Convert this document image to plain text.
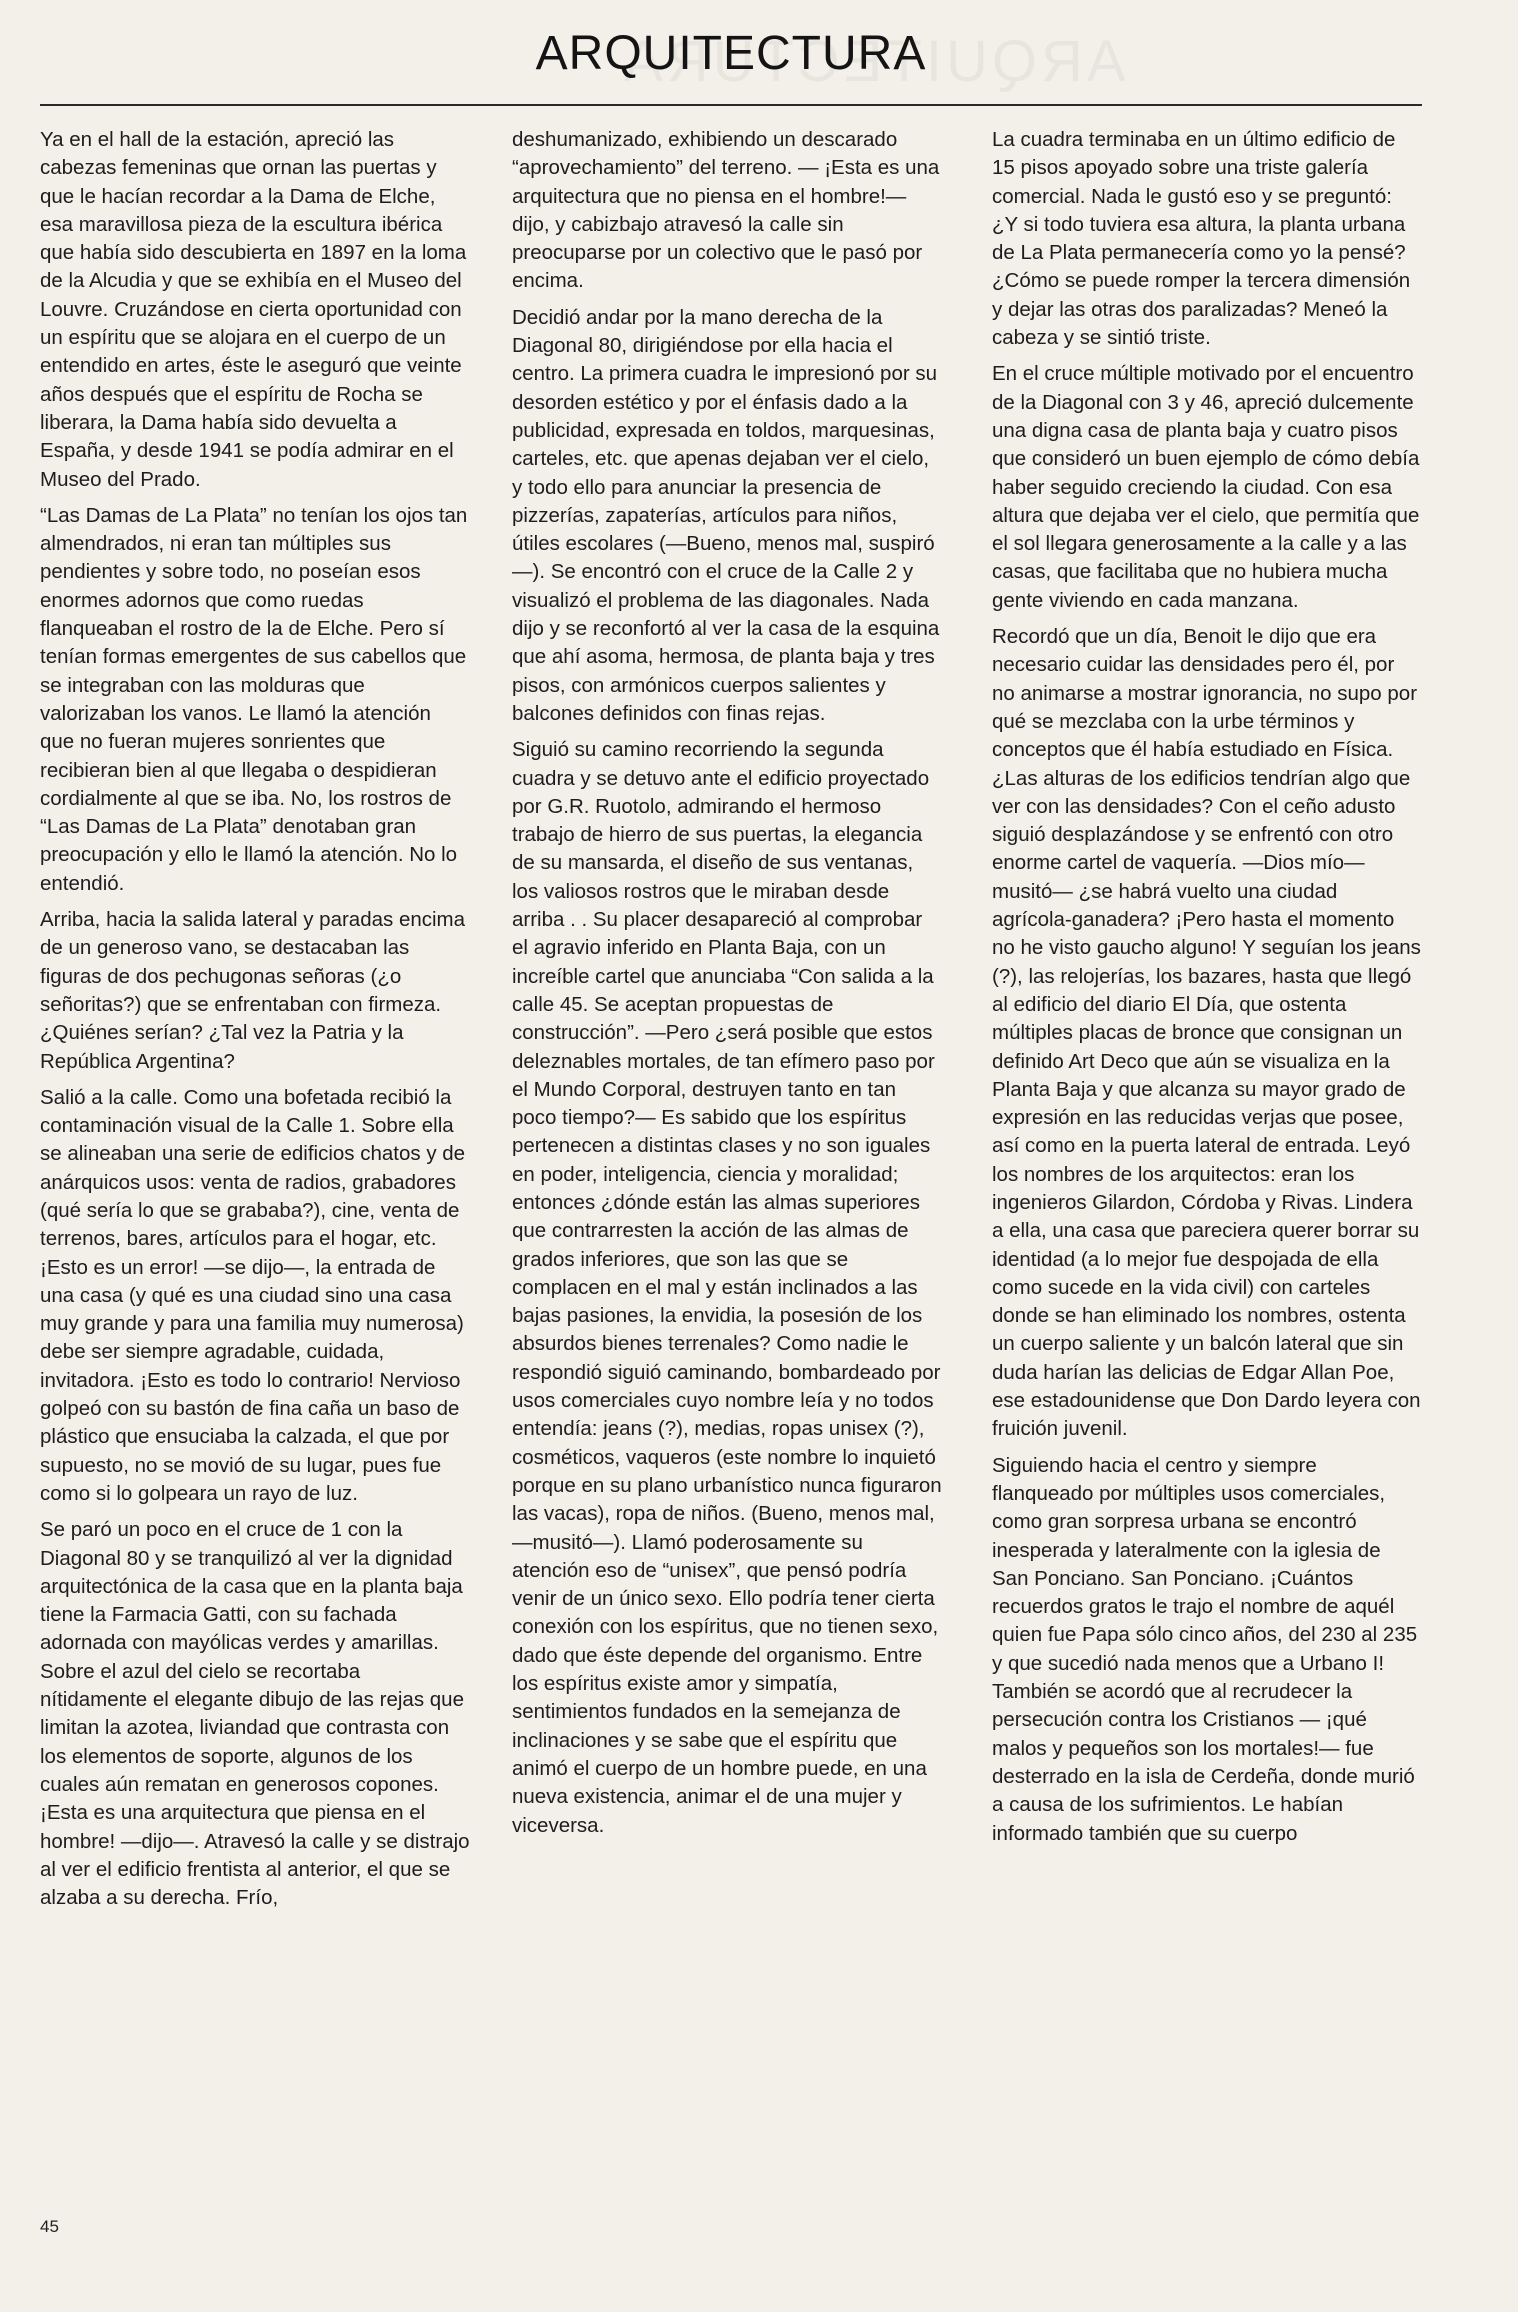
ARQUITECTURA

Ya en el hall de la estación, apreció las cabezas femeninas que ornan las puertas y que le hacían recordar a la Dama de Elche, esa maravillosa pieza de la escultura ibérica que había sido descubierta en 1897 en la loma de la Alcudia y que se exhibía en el Museo del Louvre. Cruzándose en cierta oportunidad con un espíritu que se alojara en el cuerpo de un entendido en artes, éste le aseguró que veinte años después que el espíritu de Rocha se liberara, la Dama había sido devuelta a España, y desde 1941 se podía admirar en el Museo del Prado.

“Las Damas de La Plata” no tenían los ojos tan almendrados, ni eran tan múltiples sus pendientes y sobre todo, no poseían esos enormes adornos que como ruedas flanqueaban el rostro de la de Elche. Pero sí tenían formas emergentes de sus cabellos que se integraban con las molduras que valorizaban los vanos. Le llamó la atención que no fueran mujeres sonrientes que recibieran bien al que llegaba o despidieran cordialmente al que se iba. No, los rostros de “Las Damas de La Plata” denotaban gran preocupación y ello le llamó la atención. No lo entendió.

Arriba, hacia la salida lateral y paradas encima de un generoso vano, se destacaban las figuras de dos pechugonas señoras (¿o señoritas?) que se enfrentaban con firmeza. ¿Quiénes serían? ¿Tal vez la Patria y la República Argentina?

Salió a la calle. Como una bofetada recibió la contaminación visual de la Calle 1. Sobre ella se alineaban una serie de edificios chatos y de anárquicos usos: venta de radios, grabadores (qué sería lo que se grababa?), cine, venta de terrenos, bares, artículos para el hogar, etc. ¡Esto es un error! —se dijo—, la entrada de una casa (y qué es una ciudad sino una casa muy grande y para una familia muy numerosa) debe ser siempre agradable, cuidada, invitadora. ¡Esto es todo lo contrario! Nervioso golpeó con su bastón de fina caña un baso de plástico que ensuciaba la calzada, el que por supuesto, no se movió de su lugar, pues fue como si lo golpeara un rayo de luz.

Se paró un poco en el cruce de 1 con la Diagonal 80 y se tranquilizó al ver la dignidad arquitectónica de la casa que en la planta baja tiene la Farmacia Gatti, con su fachada adornada con mayólicas verdes y amarillas. Sobre el azul del cielo se recortaba nítidamente el elegante dibujo de las rejas que limitan la azotea, liviandad que contrasta con los elementos de soporte, algunos de los cuales aún rematan en generosos copones. ¡Esta es una arquitectura que piensa en el hombre! —dijo—. Atravesó la calle y se distrajo al ver el edificio frentista al anterior, el que se alzaba a su derecha. Frío,

deshumanizado, exhibiendo un descarado “aprovechamiento” del terreno. — ¡Esta es una arquitectura que no piensa en el hombre!— dijo, y cabizbajo atravesó la calle sin preocuparse por un colectivo que le pasó por encima.

Decidió andar por la mano derecha de la Diagonal 80, dirigiéndose por ella hacia el centro. La primera cuadra le impresionó por su desorden estético y por el énfasis dado a la publicidad, expresada en toldos, marquesinas, carteles, etc. que apenas dejaban ver el cielo, y todo ello para anunciar la presencia de pizzerías, zapaterías, artículos para niños, útiles escolares (—Bueno, menos mal, suspiró—). Se encontró con el cruce de la Calle 2 y visualizó el problema de las diagonales. Nada dijo y se reconfortó al ver la casa de la esquina que ahí asoma, hermosa, de planta baja y tres pisos, con armónicos cuerpos salientes y balcones definidos con finas rejas.

Siguió su camino recorriendo la segunda cuadra y se detuvo ante el edificio proyectado por G.R. Ruotolo, admirando el hermoso trabajo de hierro de sus puertas, la elegancia de su mansarda, el diseño de sus ventanas, los valiosos rostros que le miraban desde arriba . . Su placer desapareció al comprobar el agravio inferido en Planta Baja, con un increíble cartel que anunciaba “Con salida a la calle 45. Se aceptan propuestas de construcción”. —Pero ¿será posible que estos deleznables mortales, de tan efímero paso por el Mundo Corporal, destruyen tanto en tan poco tiempo?— Es sabido que los espíritus pertenecen a distintas clases y no son iguales en poder, inteligencia, ciencia y moralidad; entonces ¿dónde están las almas superiores que contrarresten la acción de las almas de grados inferiores, que son las que se complacen en el mal y están inclinados a las bajas pasiones, la envidia, la posesión de los absurdos bienes terrenales? Como nadie le respondió siguió caminando, bombardeado por usos comerciales cuyo nombre leía y no todos entendía: jeans (?), medias, ropas unisex (?), cosméticos, vaqueros (este nombre lo inquietó porque en su plano urbanístico nunca figuraron las vacas), ropa de niños. (Bueno, menos mal, —musitó—). Llamó poderosamente su atención eso de “unisex”, que pensó podría venir de un único sexo. Ello podría tener cierta conexión con los espíritus, que no tienen sexo, dado que éste depende del organismo. Entre los espíritus existe amor y simpatía, sentimientos fundados en la semejanza de inclinaciones y se sabe que el espíritu que animó el cuerpo de un hombre puede, en una nueva existencia, animar el de una mujer y viceversa.

La cuadra terminaba en un último edificio de 15 pisos apoyado sobre una triste galería comercial. Nada le gustó eso y se preguntó: ¿Y si todo tuviera esa altura, la planta urbana de La Plata permanecería como yo la pensé? ¿Cómo se puede romper la tercera dimensión y dejar las otras dos paralizadas? Meneó la cabeza y se sintió triste.

En el cruce múltiple motivado por el encuentro de la Diagonal con 3 y 46, apreció dulcemente una digna casa de planta baja y cuatro pisos que consideró un buen ejemplo de cómo debía haber seguido creciendo la ciudad. Con esa altura que dejaba ver el cielo, que permitía que el sol llegara generosamente a la calle y a las casas, que facilitaba que no hubiera mucha gente viviendo en cada manzana.

Recordó que un día, Benoit le dijo que era necesario cuidar las densidades pero él, por no animarse a mostrar ignorancia, no supo por qué se mezclaba con la urbe términos y conceptos que él había estudiado en Física. ¿Las alturas de los edificios tendrían algo que ver con las densidades? Con el ceño adusto siguió desplazándose y se enfrentó con otro enorme cartel de vaquería. —Dios mío— musitó— ¿se habrá vuelto una ciudad agrícola-ganadera? ¡Pero hasta el momento no he visto gaucho alguno! Y seguían los jeans (?), las relojerías, los bazares, hasta que llegó al edificio del diario El Día, que ostenta múltiples placas de bronce que consignan un definido Art Deco que aún se visualiza en la Planta Baja y que alcanza su mayor grado de expresión en las reducidas verjas que posee, así como en la puerta lateral de entrada. Leyó los nombres de los arquitectos: eran los ingenieros Gilardon, Córdoba y Rivas. Lindera a ella, una casa que pareciera querer borrar su identidad (a lo mejor fue despojada de ella como sucede en la vida civil) con carteles donde se han eliminado los nombres, ostenta un cuerpo saliente y un balcón lateral que sin duda harían las delicias de Edgar Allan Poe, ese estadounidense que Don Dardo leyera con fruición juvenil.

Siguiendo hacia el centro y siempre flanqueado por múltiples usos comerciales, como gran sorpresa urbana se encontró inesperada y lateralmente con la iglesia de San Ponciano. San Ponciano. ¡Cuántos recuerdos gratos le trajo el nombre de aquél quien fue Papa sólo cinco años, del 230 al 235 y que sucedió nada menos que a Urbano I! También se acordó que al recrudecer la persecución contra los Cristianos — ¡qué malos y pequeños son los mortales!— fue desterrado en la isla de Cerdeña, donde murió a causa de los sufrimientos. Le habían informado también que su cuerpo

45
